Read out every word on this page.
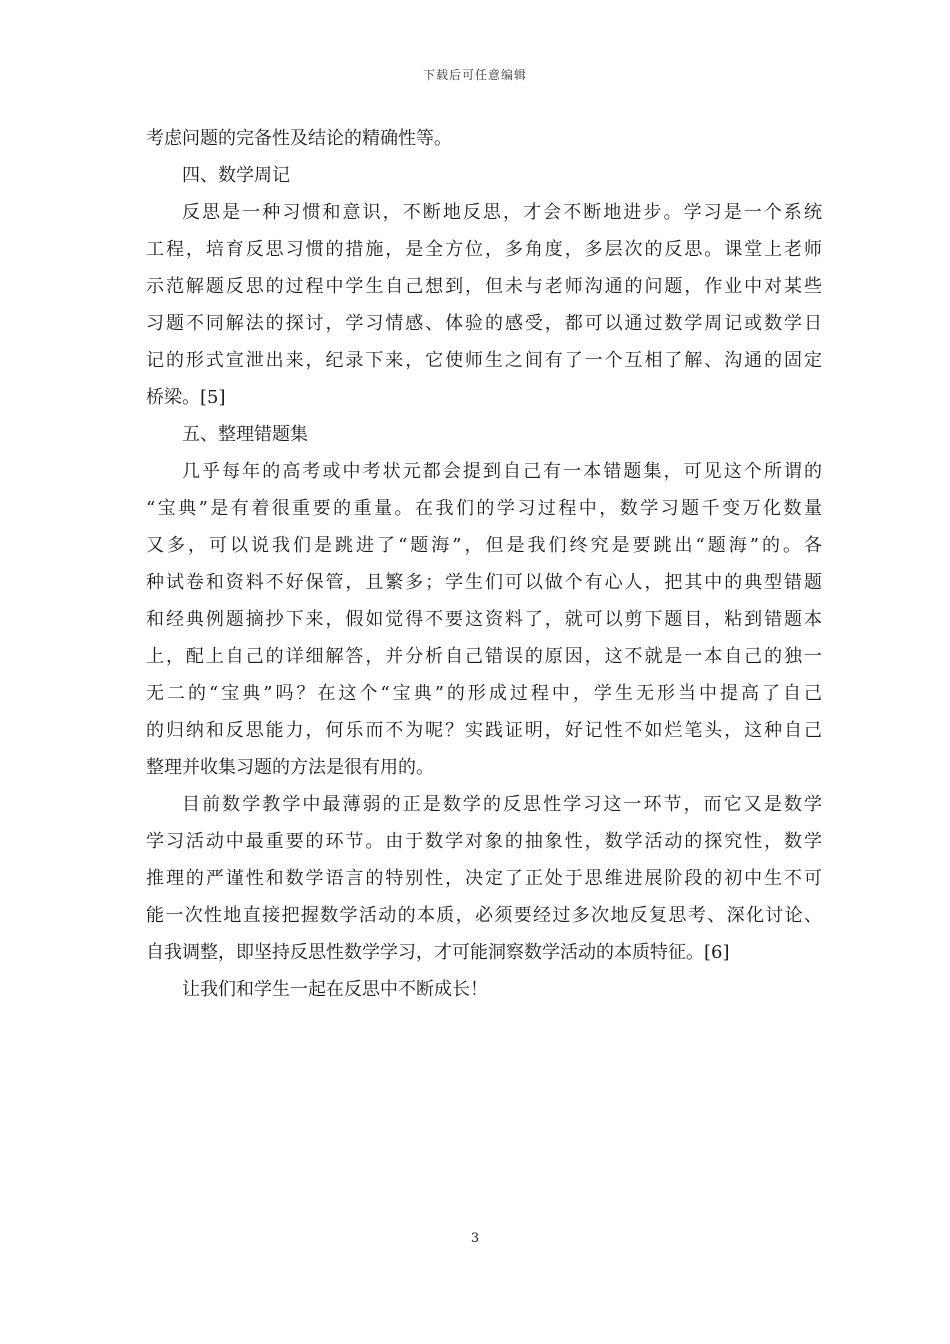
下载后可任意编辑
考虑问题的完备性及结论的精确性等。
四、数学周记
反思是一种习惯和意识，不断地反思，才会不断地进步。学习是一个系统
工程，培育反思习惯的措施，是全方位，多角度，多层次的反思。课堂上老师
示范解题反思的过程中学生自己想到，但未与老师沟通的问题，作业中对某些
习题不同解法的探讨，学习情感、体验的感受，都可以通过数学周记或数学日
记的形式宣泄出来，纪录下来，它使师生之间有了一个互相了解、沟通的固定
桥梁。[5]
五、整理错题集
几乎每年的高考或中考状元都会提到自己有一本错题集，可见这个所谓的
“宝典”是有着很重要的重量。在我们的学习过程中，数学习题千变万化数量
又多，可以说我们是跳进了“题海”，但是我们终究是要跳出“题海”的。各
种试卷和资料不好保管，且繁多；学生们可以做个有心人，把其中的典型错题
和经典例题摘抄下来，假如觉得不要这资料了，就可以剪下题目，粘到错题本
上，配上自己的详细解答，并分析自己错误的原因，这不就是一本自己的独一
无二的“宝典”吗？在这个“宝典”的形成过程中，学生无形当中提高了自己
的归纳和反思能力，何乐而不为呢？实践证明，好记性不如烂笔头，这种自己
整理并收集习题的方法是很有用的。
目前数学教学中最薄弱的正是数学的反思性学习这一环节，而它又是数学
学习活动中最重要的环节。由于数学对象的抽象性，数学活动的探究性，数学
推理的严谨性和数学语言的特别性，决定了正处于思维进展阶段的初中生不可
能一次性地直接把握数学活动的本质，必须要经过多次地反复思考、深化讨论、
自我调整，即坚持反思性数学学习，才可能洞察数学活动的本质特征。[6]
让我们和学生一起在反思中不断成长！
3
